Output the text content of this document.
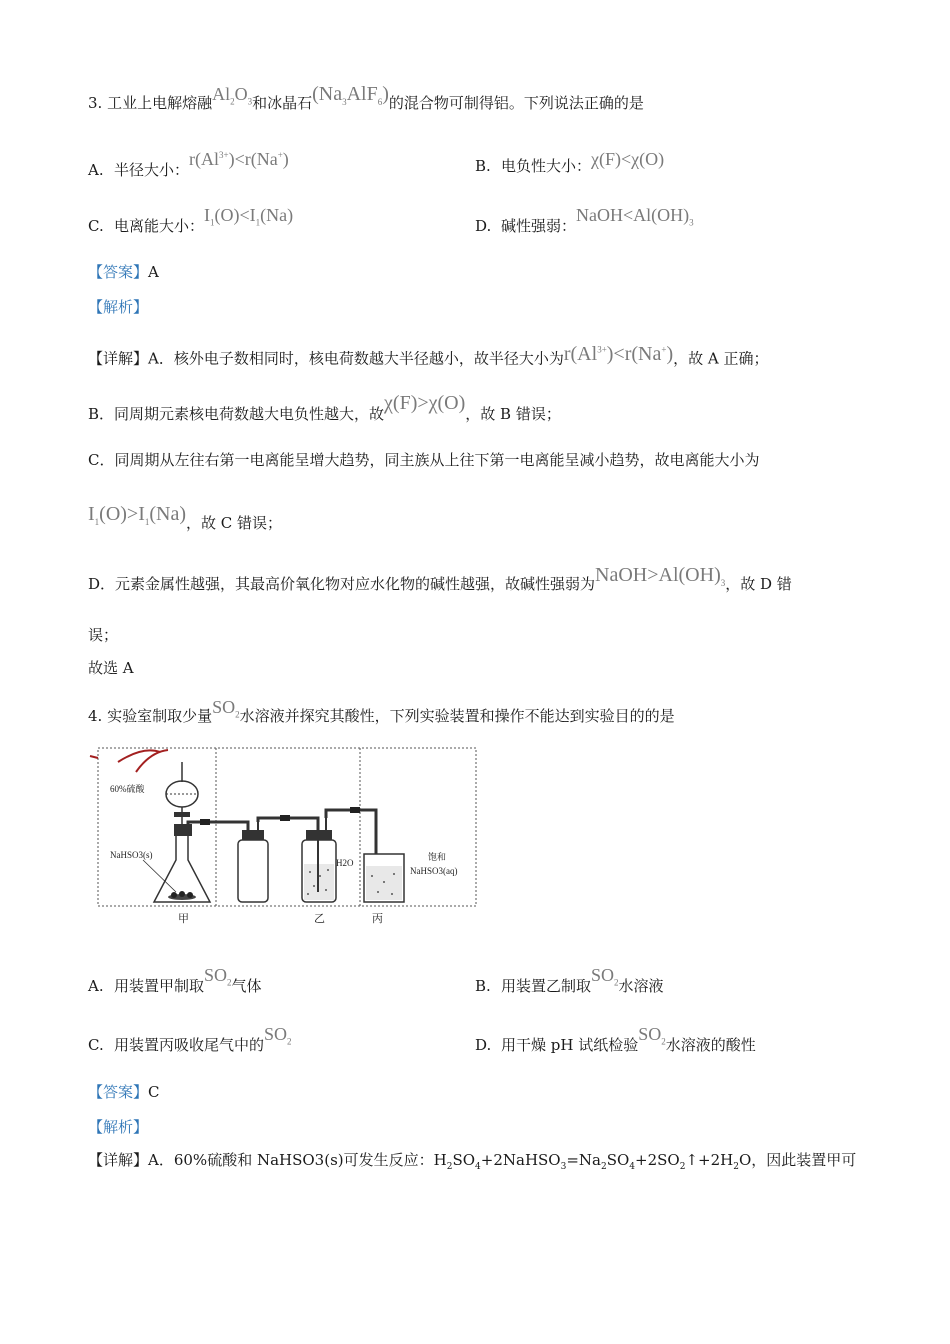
3. 工业上电解熔融$Al_2O_3$和冰晶石$(Na_3AlF_6)$的混合物可制得铝。下列说法正确的是
A. 半径大小：$r(Al^{3+})<r(Na^+)$	B. 电负性大小：χ(F)<χ(O)
C. 电离能大小：$I_1(O)<I_1(Na)$
D. 碱性强弱：$NaOH<Al(OH)_3$
【答案】A
【解析】
【详解】A．核外电子数相同时，核电荷数越大半径越小，故半径大小为$r(Al^{3+})<r(Na^+)$，故 A 正确；
B．同周期元素核电荷数越大电负性越大，故χ(F)>χ(O)，故 B 错误；
C．同周期从左往右第一电离能呈增大趋势，同主族从上往下第一电离能呈减小趋势，故电离能大小为
$I_1(O)>I_1(Na)$，故 C 错误；
D．元素金属性越强，其最高价氧化物对应水化物的碱性越强，故碱性强弱为$NaOH>Al(OH)_3$，故 D 错
误；
故选 A
4. 实验室制取少量$SO_2$水溶液并探究其酸性，下列实验装置和操作不能达到实验目的的是
60%硫酸
NaHSO3(s)
H2O
饱和
NaHSO3(aq)
甲	乙	丙
A. 用装置甲制取$SO_2$气体	B. 用装置乙制取$SO_2$水溶液
C. 用装置丙吸收尾气中的$SO_2$	D. 用干燥 pH 试纸检验$SO_2$水溶液的酸性
【答案】C
【解析】
【详解】A．60%硫酸和 NaHSO3(s)可发生反应：$H_2SO_4+2NaHSO_3=Na_2SO_4+2SO_2↑+2H_2O$，因此装置甲可
